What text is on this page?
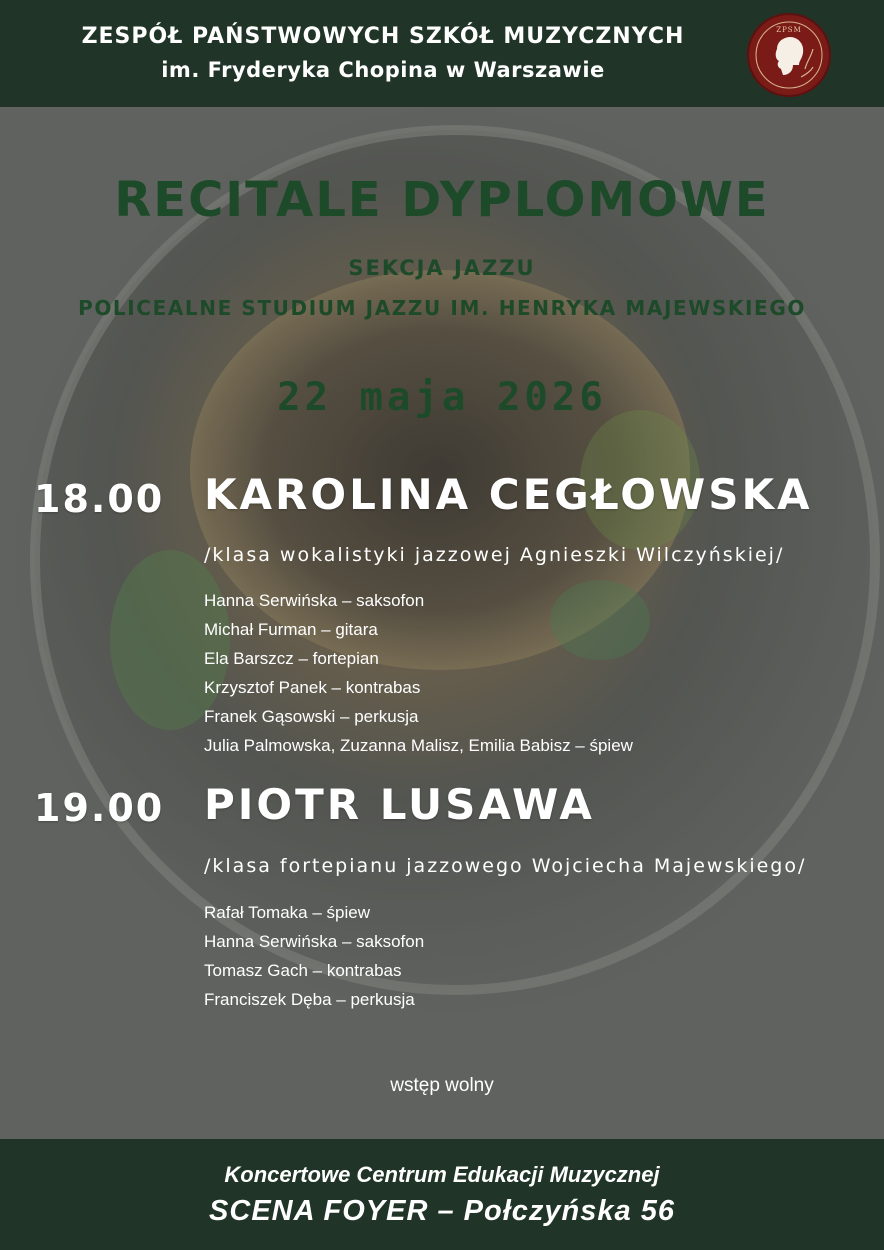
ZESPÓŁ PAŃSTWOWYCH SZKÓŁ MUZYCZNYCH
im. Fryderyka Chopina w Warszawie
ZPSM
RECITALE DYPLOMOWE
SEKCJA JAZZU
POLICEALNE STUDIUM JAZZU IM. HENRYKA MAJEWSKIEGO
22 maja 2026
18.00 KAROLINA CEGŁOWSKA
/klasa wokalistyki jazzowej Agnieszki Wilczyńskiej/
Hanna Serwińska – saksofon
Michał Furman – gitara
Ela Barszcz – fortepian
Krzysztof Panek – kontrabas
Franek Gąsowski – perkusja
Julia Palmowska, Zuzanna Malisz, Emilia Babisz – śpiew
19.00 PIOTR LUSAWA
/klasa fortepianu jazzowego Wojciecha Majewskiego/
Rafał Tomaka – śpiew
Hanna Serwińska – saksofon
Tomasz Gach – kontrabas
Franciszek Dęba – perkusja
wstęp wolny
Koncertowe Centrum Edukacji Muzycznej
SCENA FOYER – Połczyńska 56
